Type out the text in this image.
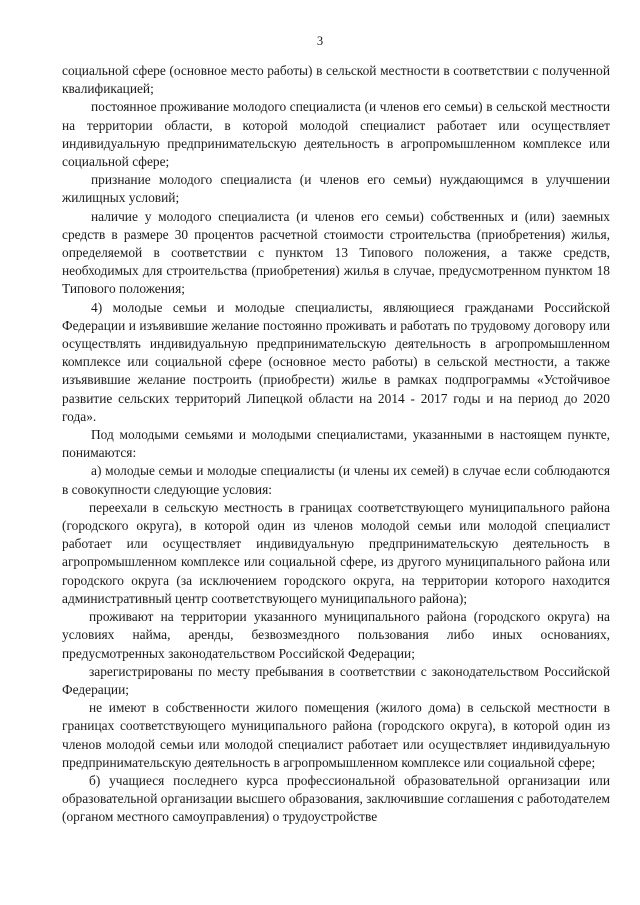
3

социальной сфере (основное место работы) в сельской местности в соответствии с полученной квалификацией;

постоянное проживание молодого специалиста (и членов его семьи) в сельской местности на территории области, в которой молодой специалист работает или осуществляет индивидуальную предпринимательскую деятельность в агропромышленном комплексе или социальной сфере;

признание молодого специалиста (и членов его семьи) нуждающимся в улучшении жилищных условий;

наличие у молодого специалиста (и членов его семьи) собственных и (или) заемных средств в размере 30 процентов расчетной стоимости строительства (приобретения) жилья, определяемой в соответствии с пунктом 13 Типового положения, а также средств, необходимых для строительства (приобретения) жилья в случае, предусмотренном пунктом 18 Типового положения;

4) молодые семьи и молодые специалисты, являющиеся гражданами Российской Федерации и изъявившие желание постоянно проживать и работать по трудовому договору или осуществлять индивидуальную предпринимательскую деятельность в агропромышленном комплексе или социальной сфере (основное место работы) в сельской местности, а также изъявившие желание построить (приобрести) жилье в рамках подпрограммы «Устойчивое развитие сельских территорий Липецкой области на 2014 - 2017 годы и на период до 2020 года».

Под молодыми семьями и молодыми специалистами, указанными в настоящем пункте, понимаются:

а) молодые семьи и молодые специалисты (и члены их семей) в случае если соблюдаются в совокупности следующие условия:

переехали в сельскую местность в границах соответствующего муниципального района (городского округа), в которой один из членов молодой семьи или молодой специалист работает или осуществляет индивидуальную предпринимательскую деятельность в агропромышленном комплексе или социальной сфере, из другого муниципального района или городского округа (за исключением городского округа, на территории которого находится административный центр соответствующего муниципального района);

проживают на территории указанного муниципального района (городского округа) на условиях найма, аренды, безвозмездного пользования либо иных основаниях, предусмотренных законодательством Российской Федерации;

зарегистрированы по месту пребывания в соответствии с законодательством Российской Федерации;

не имеют в собственности жилого помещения (жилого дома) в сельской местности в границах соответствующего муниципального района (городского округа), в которой один из членов молодой семьи или молодой специалист работает или осуществляет индивидуальную предпринимательскую деятельность в агропромышленном комплексе или социальной сфере;

б) учащиеся последнего курса профессиональной образовательной организации или образовательной организации высшего образования, заключившие соглашения с работодателем (органом местного самоуправления) о трудоустройстве
